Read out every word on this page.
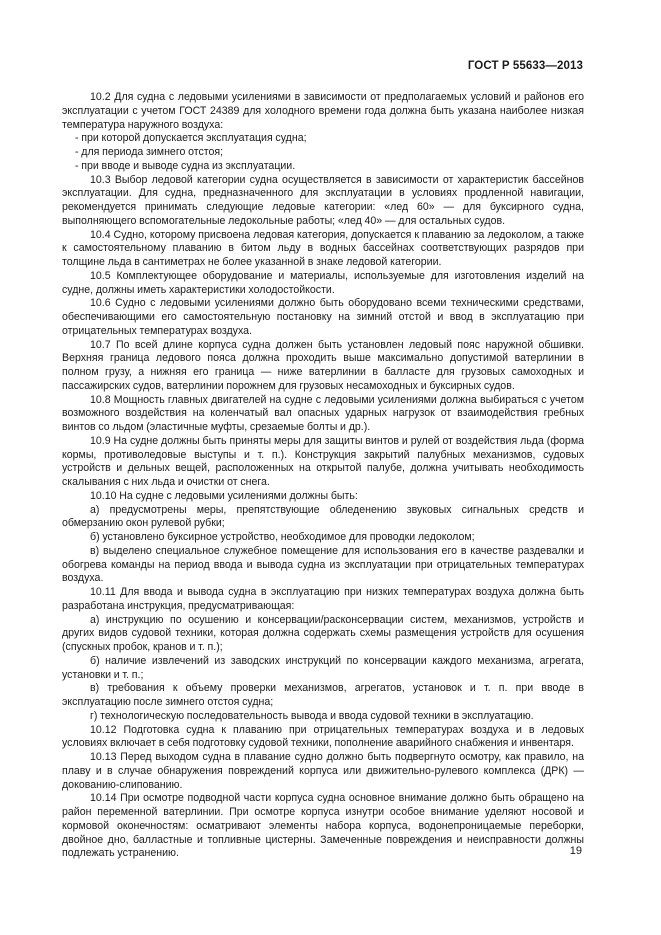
ГОСТ Р 55633—2013

10.2 Для судна с ледовыми усилениями в зависимости от предполагаемых условий и районов его эксплуатации с учетом ГОСТ 24389 для холодного времени года должна быть указана наиболее низкая температура наружного воздуха:

- при которой допускается эксплуатация судна;

- для периода зимнего отстоя;

- при вводе и выводе судна из эксплуатации.

10.3 Выбор ледовой категории судна осуществляется в зависимости от характеристик бассейнов эксплуатации. Для судна, предназначенного для эксплуатации в условиях продленной навигации, рекомендуется принимать следующие ледовые категории: «лед 60» — для буксирного судна, выполняющего вспомогательные ледокольные работы; «лед 40» — для остальных судов.

10.4 Судно, которому присвоена ледовая категория, допускается к плаванию за ледоколом, а также к самостоятельному плаванию в битом льду в водных бассейнах соответствующих разрядов при толщине льда в сантиметрах не более указанной в знаке ледовой категории.

10.5 Комплектующее оборудование и материалы, используемые для изготовления изделий на судне, должны иметь характеристики холодостойкости.

10.6 Судно с ледовыми усилениями должно быть оборудовано всеми техническими средствами, обеспечивающими его самостоятельную постановку на зимний отстой и ввод в эксплуатацию при отрицательных температурах воздуха.

10.7 По всей длине корпуса судна должен быть установлен ледовый пояс наружной обшивки. Верхняя граница ледового пояса должна проходить выше максимально допустимой ватерлинии в полном грузу, а нижняя его граница — ниже ватерлинии в балласте для грузовых самоходных и пассажирских судов, ватерлинии порожнем для грузовых несамоходных и буксирных судов.

10.8 Мощность главных двигателей на судне с ледовыми усилениями должна выбираться с учетом возможного воздействия на коленчатый вал опасных ударных нагрузок от взаимодействия гребных винтов со льдом (эластичные муфты, срезаемые болты и др.).

10.9 На судне должны быть приняты меры для защиты винтов и рулей от воздействия льда (форма кормы, противоледовые выступы и т. п.). Конструкция закрытий палубных механизмов, судовых устройств и дельных вещей, расположенных на открытой палубе, должна учитывать необходимость скалывания с них льда и очистки от снега.

10.10 На судне с ледовыми усилениями должны быть:

а) предусмотрены меры, препятствующие обледенению звуковых сигнальных средств и обмерзанию окон рулевой рубки;

б) установлено буксирное устройство, необходимое для проводки ледоколом;

в) выделено специальное служебное помещение для использования его в качестве раздевалки и обогрева команды на период ввода и вывода судна из эксплуатации при отрицательных температурах воздуха.

10.11 Для ввода и вывода судна в эксплуатацию при низких температурах воздуха должна быть разработана инструкция, предусматривающая:

а) инструкцию по осушению и консервации/расконсервации систем, механизмов, устройств и других видов судовой техники, которая должна содержать схемы размещения устройств для осушения (спускных пробок, кранов и т. п.);

б) наличие извлечений из заводских инструкций по консервации каждого механизма, агрегата, установки и т. п.;

в) требования к объему проверки механизмов, агрегатов, установок и т. п. при вводе в эксплуатацию после зимнего отстоя судна;

г) технологическую последовательность вывода и ввода судовой техники в эксплуатацию.

10.12 Подготовка судна к плаванию при отрицательных температурах воздуха и в ледовых условиях включает в себя подготовку судовой техники, пополнение аварийного снабжения и инвентаря.

10.13 Перед выходом судна в плавание судно должно быть подвергнуто осмотру, как правило, на плаву и в случае обнаружения повреждений корпуса или движительно-рулевого комплекса (ДРК) — докованию-слипованию.

10.14 При осмотре подводной части корпуса судна основное внимание должно быть обращено на район переменной ватерлинии. При осмотре корпуса изнутри особое внимание уделяют носовой и кормовой оконечностям: осматривают элементы набора корпуса, водонепроницаемые переборки, двойное дно, балластные и топливные цистерны. Замеченные повреждения и неисправности должны подлежать устранению.	19
